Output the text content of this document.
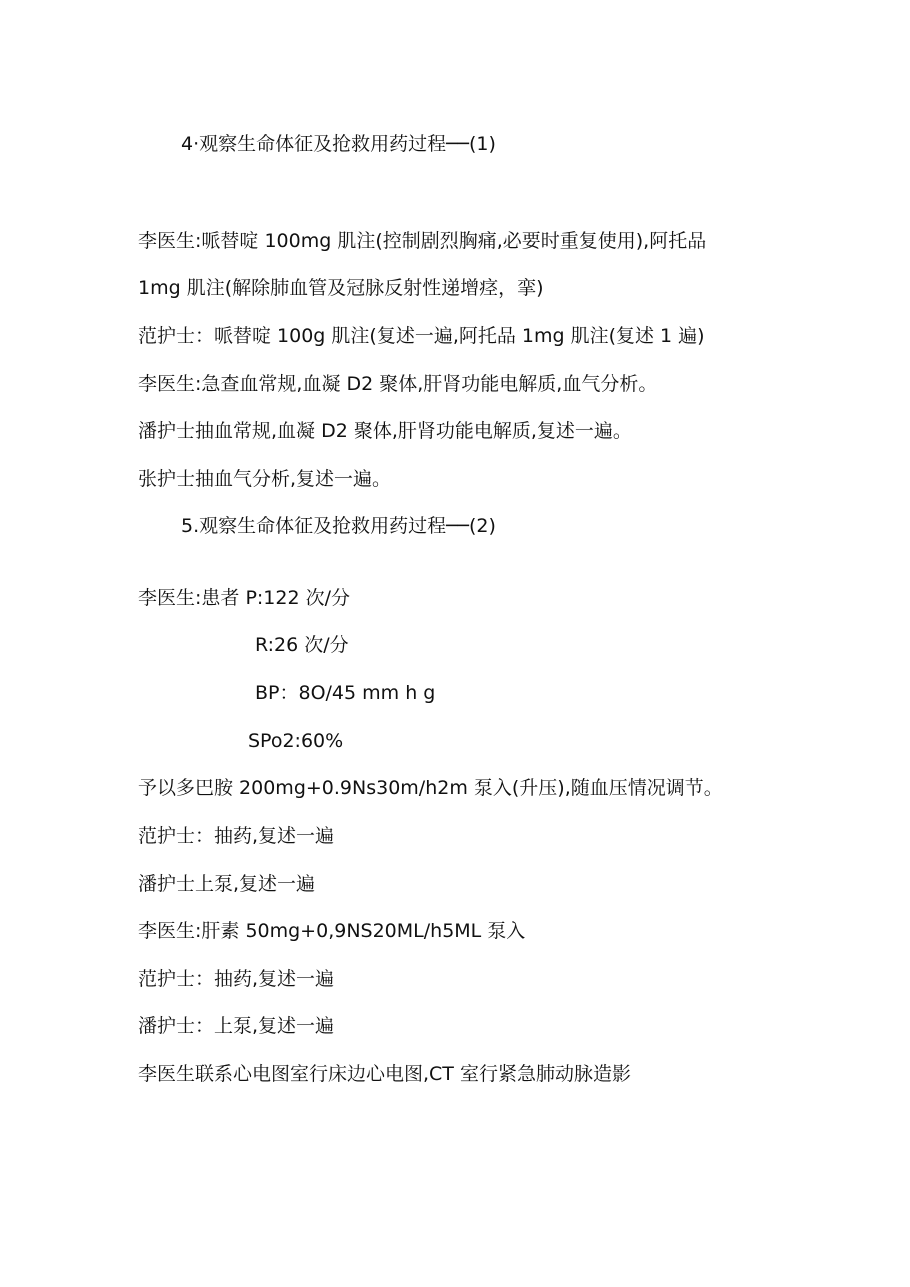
4·观察生命体征及抢救用药过程──(1)
李医生:哌替啶 100mg 肌注(控制剧烈胸痛,必要时重复使用),阿托品
1mg 肌注(解除肺血管及冠脉反射性递增痉，挛)
范护士：哌替啶 100g 肌注(复述一遍,阿托品 1mg 肌注(复述 1 遍)
李医生:急查血常规,血凝 D2 聚体,肝肾功能电解质,血气分析。
潘护士抽血常规,血凝 D2 聚体,肝肾功能电解质,复述一遍。
张护士抽血气分析,复述一遍。
5.观察生命体征及抢救用药过程──(2)
李医生:患者 P:122 次/分
R:26 次/分
BP：8O/45 mm h g
SPo2:60%
予以多巴胺 200mg+0.9Ns30m/h2m 泵入(升压),随血压情况调节。
范护士：抽药,复述一遍
潘护士上泵,复述一遍
李医生:肝素 50mg+0,9NS20ML/h5ML 泵入
范护士：抽药,复述一遍
潘护士：上泵,复述一遍
李医生联系心电图室行床边心电图,CT 室行紧急肺动脉造影
